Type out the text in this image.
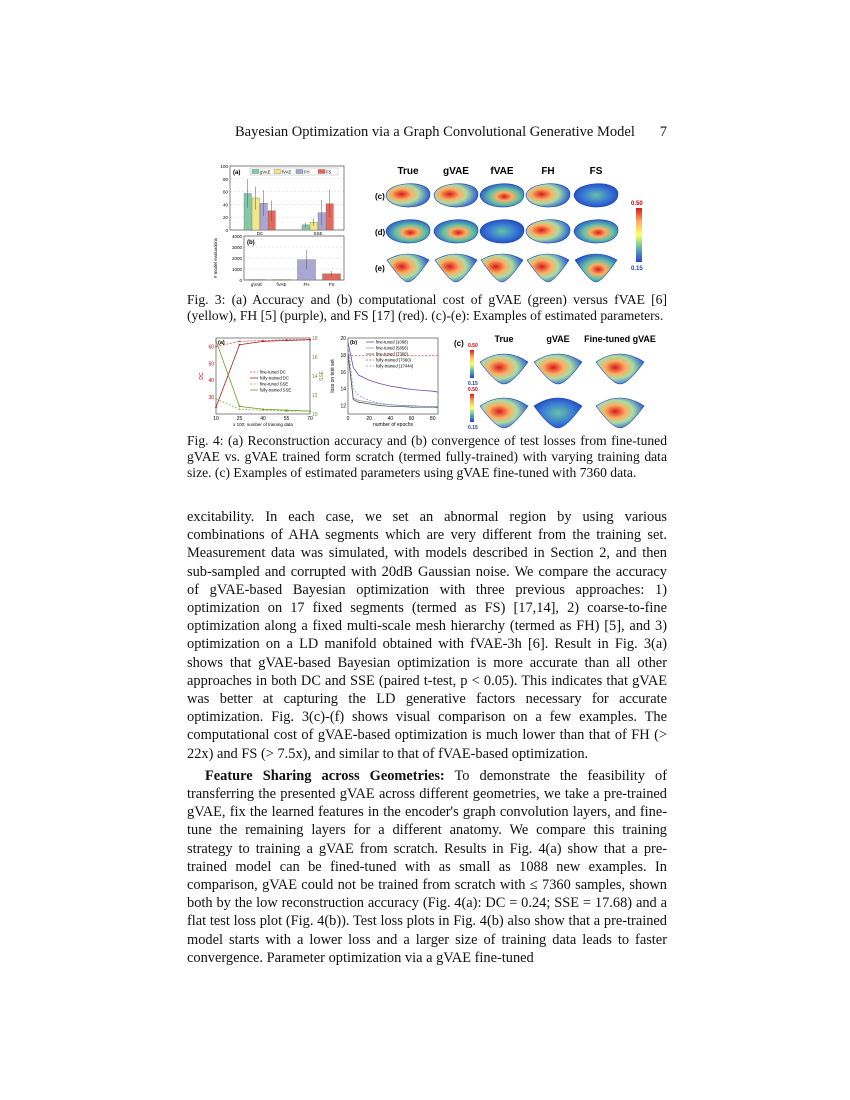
Bayesian Optimization via a Graph Convolutional Generative Model 7
100
80
60
40
20
0
DC	SSE
(a)	gVAE	fVAE	FH	FS
4000
3000
2000
1000
0
gVAE	fVAE	FH	FS
(b)
# model evaluations
(c)
(d)
(e)
True gVAE fVAE	FH	FS
0.50
0.15
Fig. 3: (a) Accuracy and (b) computational cost of gVAE (green) versus fVAE [6] (yellow), FH [5] (purple), and FS [17] (red). (c)-(e): Examples of estimated parameters.
60
50
40
30
18
16
14
12
10
10	25	40	55	70
x 100: number of training data
DC	SSE
fine-tuned DC
fully-trained DC
fine-tuned SSE
fully-trained SSE
(a)
20
18
16
14
12
0	20	40	60	80
number of epochs
loss on test set
fine-tuned (1088)
fine-tuned (5856)
fine-tuned (7360)
fully-trained (7360)
fully-trained (17444)
(b)	(c)	True	gVAE Fine-tuned gVAE
0.50
0.15
0.50
0.15
Fig. 4: (a) Reconstruction accuracy and (b) convergence of test losses from fine-tuned gVAE vs. gVAE trained form scratch (termed fully-trained) with varying training data size. (c) Examples of estimated parameters using gVAE fine-tuned with 7360 data.

excitability. In each case, we set an abnormal region by using various combinations of AHA segments which are very different from the training set. Measurement data was simulated, with models described in Section 2, and then sub-sampled and corrupted with 20dB Gaussian noise. We compare the accuracy of gVAE-based Bayesian optimization with three previous approaches: 1) optimization on 17 fixed segments (termed as FS) [17,14], 2) coarse-to-fine optimization along a fixed multi-scale mesh hierarchy (termed as FH) [5], and 3) optimization on a LD manifold obtained with fVAE-3h [6]. Result in Fig. 3(a) shows that gVAE-based Bayesian optimization is more accurate than all other approaches in both DC and SSE (paired t-test, p < 0.05). This indicates that gVAE was better at capturing the LD generative factors necessary for accurate optimization. Fig. 3(c)-(f) shows visual comparison on a few examples. The computational cost of gVAE-based optimization is much lower than that of FH (> 22x) and FS (> 7.5x), and similar to that of fVAE-based optimization.

Feature Sharing across Geometries: To demonstrate the feasibility of transferring the presented gVAE across different geometries, we take a pre-trained gVAE, fix the learned features in the encoder's graph convolution layers, and fine-tune the remaining layers for a different anatomy. We compare this training strategy to training a gVAE from scratch. Results in Fig. 4(a) show that a pre-trained model can be fined-tuned with as small as 1088 new examples. In comparison, gVAE could not be trained from scratch with ≤ 7360 samples, shown both by the low reconstruction accuracy (Fig. 4(a): DC = 0.24; SSE = 17.68) and a flat test loss plot (Fig. 4(b)). Test loss plots in Fig. 4(b) also show that a pre-trained model starts with a lower loss and a larger size of training data leads to faster convergence. Parameter optimization via a gVAE fine-tuned
